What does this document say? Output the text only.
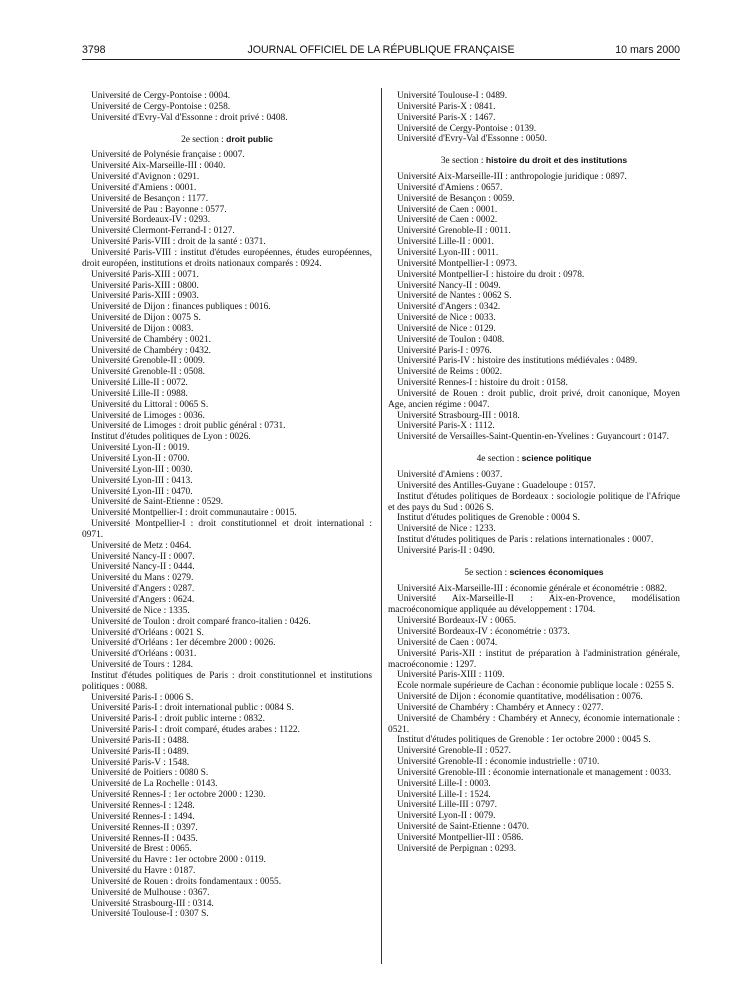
3798	JOURNAL OFFICIEL DE LA RÉPUBLIQUE FRANÇAISE	10 mars 2000

Université de Cergy-Pontoise : 0004.

Université de Cergy-Pontoise : 0258.

Université d'Evry-Val d'Essonne : droit privé : 0408.

2e section : droit public

Université de Polynésie française : 0007.

Université Aix-Marseille-III : 0040.

Université d'Avignon : 0291.

Université d'Amiens : 0001.

Université de Besançon : 1177.

Université de Pau : Bayonne : 0577.

Université Bordeaux-IV : 0293.

Université Clermont-Ferrand-I : 0127.

Université Paris-VIII : droit de la santé : 0371.

Université Paris-VIII : institut d'études européennes, études européennes, droit européen, institutions et droits nationaux comparés : 0924.

Université Paris-XIII : 0071.

Université Paris-XIII : 0800.

Université Paris-XIII : 0903.

Université de Dijon : finances publiques : 0016.

Université de Dijon : 0075 S.

Université de Dijon : 0083.

Université de Chambéry : 0021.

Université de Chambéry : 0432.

Université Grenoble-II : 0009.

Université Grenoble-II : 0508.

Université Lille-II : 0072.

Université Lille-II : 0988.

Université du Littoral : 0065 S.

Université de Limoges : 0036.

Université de Limoges : droit public général : 0731.

Institut d'études politiques de Lyon : 0026.

Université Lyon-II : 0019.

Université Lyon-II : 0700.

Université Lyon-III : 0030.

Université Lyon-III : 0413.

Université Lyon-III : 0470.

Université de Saint-Etienne : 0529.

Université Montpellier-I : droit communautaire : 0015.

Université Montpellier-I : droit constitutionnel et droit international : 0971.

Université de Metz : 0464.

Université Nancy-II : 0007.

Université Nancy-II : 0444.

Université du Mans : 0279.

Université d'Angers : 0287.

Université d'Angers : 0624.

Université de Nice : 1335.

Université de Toulon : droit comparé franco-italien : 0426.

Université d'Orléans : 0021 S.

Université d'Orléans : 1er décembre 2000 : 0026.

Université d'Orléans : 0031.

Université de Tours : 1284.

Institut d'études politiques de Paris : droit constitutionnel et institutions politiques : 0088.

Université Paris-I : 0006 S.

Université Paris-I : droit international public : 0084 S.

Université Paris-I : droit public interne : 0832.

Université Paris-I : droit comparé, études arabes : 1122.

Université Paris-II : 0488.

Université Paris-II : 0489.

Université Paris-V : 1548.

Université de Poitiers : 0080 S.

Université de La Rochelle : 0143.

Université Rennes-I : 1er octobre 2000 : 1230.

Université Rennes-I : 1248.

Université Rennes-I : 1494.

Université Rennes-II : 0397.

Université Rennes-II : 0435.

Université de Brest : 0065.

Université du Havre : 1er octobre 2000 : 0119.

Université du Havre : 0187.

Université de Rouen : droits fondamentaux : 0055.

Université de Mulhouse : 0367.

Université Strasbourg-III : 0314.

Université Toulouse-I : 0307 S.

Université Toulouse-I : 0489.

Université Paris-X : 0841.

Université Paris-X : 1467.

Université de Cergy-Pontoise : 0139.

Université d'Evry-Val d'Essonne : 0050.

3e section : histoire du droit et des institutions

Université Aix-Marseille-III : anthropologie juridique : 0897.

Université d'Amiens : 0657.

Université de Besançon : 0059.

Université de Caen : 0001.

Université de Caen : 0002.

Université Grenoble-II : 0011.

Université Lille-II : 0001.

Université Lyon-III : 0011.

Université Montpellier-I : 0973.

Université Montpellier-I : histoire du droit : 0978.

Université Nancy-II : 0049.

Université de Nantes : 0062 S.

Université d'Angers : 0342.

Université de Nice : 0033.

Université de Nice : 0129.

Université de Toulon : 0408.

Université Paris-I : 0976.

Université Paris-IV : histoire des institutions médiévales : 0489.

Université de Reims : 0002.

Université Rennes-I : histoire du droit : 0158.

Université de Rouen : droit public, droit privé, droit canonique, Moyen Age, ancien régime : 0047.

Université Strasbourg-III : 0018.

Université Paris-X : 1112.

Université de Versailles-Saint-Quentin-en-Yvelines : Guyancourt : 0147.

4e section : science politique

Université d'Amiens : 0037.

Université des Antilles-Guyane : Guadeloupe : 0157.

Institut d'études politiques de Bordeaux : sociologie politique de l'Afrique et des pays du Sud : 0026 S.

Institut d'études politiques de Grenoble : 0004 S.

Université de Nice : 1233.

Institut d'études politiques de Paris : relations internationales : 0007.

Université Paris-II : 0490.

5e section : sciences économiques

Université Aix-Marseille-III : économie générale et économétrie : 0882.

Université Aix-Marseille-II : Aix-en-Provence, modélisation macroéconomique appliquée au développement : 1704.

Université Bordeaux-IV : 0065.

Université Bordeaux-IV : économétrie : 0373.

Université de Caen : 0074.

Université Paris-XII : institut de préparation à l'administration générale, macroéconomie : 1297.

Université Paris-XIII : 1109.

Ecole normale supérieure de Cachan : économie publique locale : 0255 S.

Université de Dijon : économie quantitative, modélisation : 0076.

Université de Chambéry : Chambéry et Annecy : 0277.

Université de Chambéry : Chambéry et Annecy, économie internationale : 0521.

Institut d'études politiques de Grenoble : 1er octobre 2000 : 0045 S.

Université Grenoble-II : 0527.

Université Grenoble-II : économie industrielle : 0710.

Université Grenoble-III : économie internationale et management : 0033.

Université Lille-I : 0003.

Université Lille-I : 1524.

Université Lille-III : 0797.

Université Lyon-II : 0079.

Université de Saint-Etienne : 0470.

Université Montpellier-III : 0586.

Université de Perpignan : 0293.
